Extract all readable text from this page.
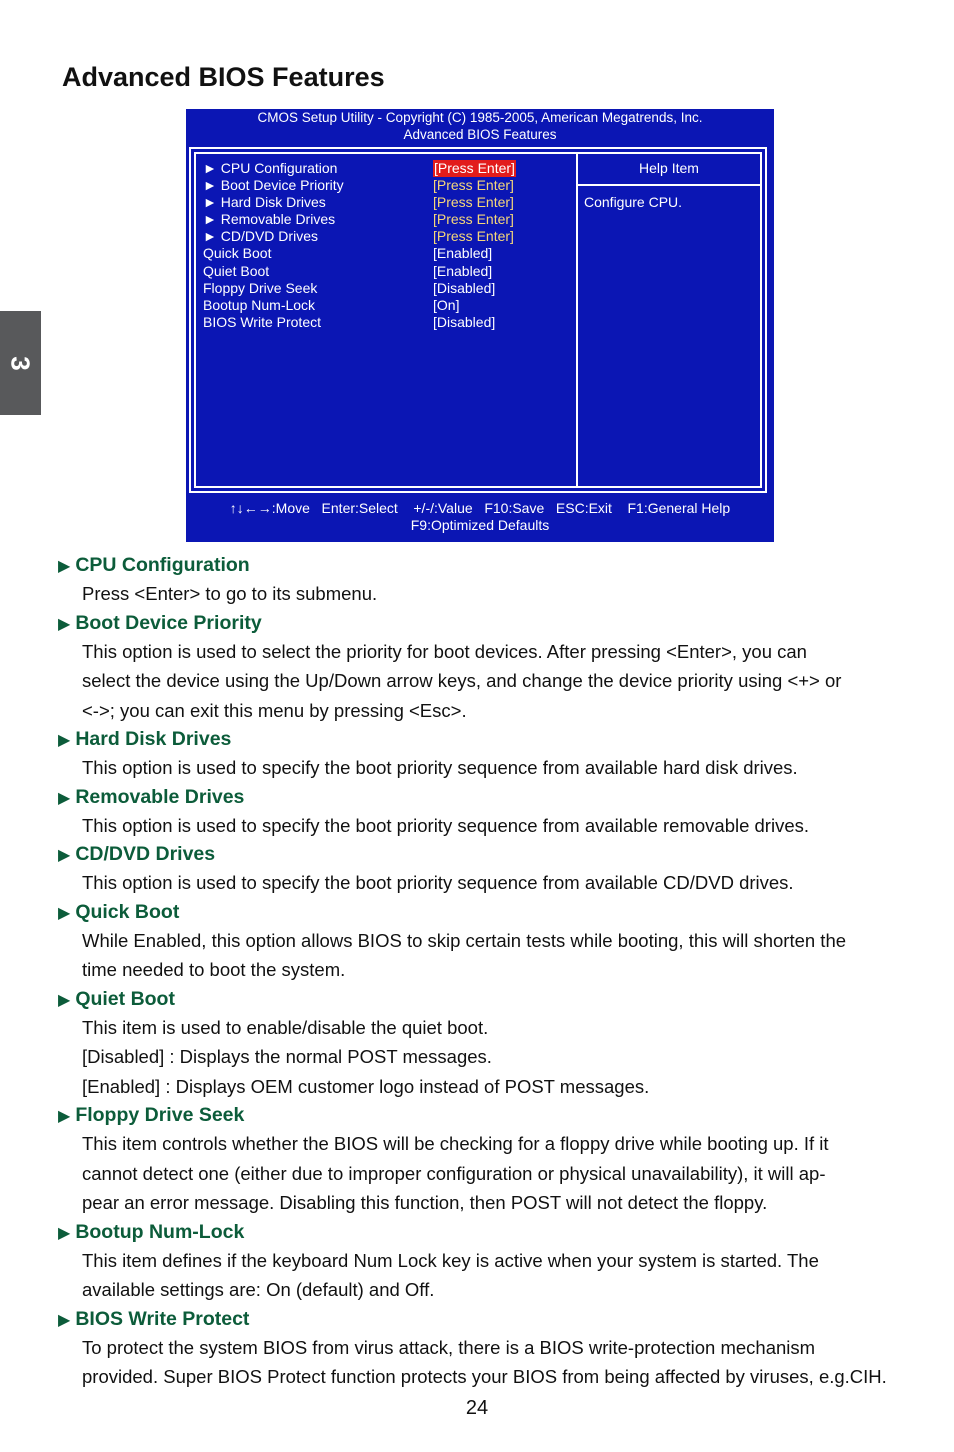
Advanced BIOS Features
3
CMOS Setup Utility - Copyright (C) 1985-2005, American Megatrends, Inc.
Advanced BIOS Features
► CPU Configuration	[Press Enter]
► Boot Device Priority	[Press Enter]
► Hard Disk Drives	[Press Enter]
► Removable Drives	[Press Enter]
► CD/DVD Drives	[Press Enter]
Quick Boot	[Enabled]
Quiet Boot	[Enabled]
Floppy Drive Seek	[Disabled]
Bootup Num-Lock	[On]
BIOS Write Protect	[Disabled]
Help Item
Configure CPU.
↑↓←→:Move   Enter:Select    +/-/:Value   F10:Save   ESC:Exit    F1:General Help
F9:Optimized Defaults
▶ CPU Configuration

Press <Enter> to go to its submenu.

▶ Boot Device Priority

This option is used to select the priority for boot devices. After pressing <Enter>, you can

select the device using the Up/Down arrow keys, and change the device priority using <+> or

<->; you can exit this menu by pressing <Esc>.

▶ Hard Disk Drives

This option is used to specify the boot priority sequence from available hard disk drives.

▶ Removable Drives

This option is used to specify the boot priority sequence from available removable drives.

▶ CD/DVD Drives

This option is used to specify the boot priority sequence from available CD/DVD drives.

▶ Quick Boot

While Enabled, this option allows BIOS to skip certain tests while booting, this will shorten the

time needed to boot the system.

▶ Quiet Boot

This item is used to enable/disable the quiet boot.

[Disabled] : Displays the normal POST messages.

[Enabled] : Displays OEM customer logo instead of POST messages.

▶ Floppy Drive Seek

This item controls whether the BIOS will be checking for a floppy drive while booting up. If it

cannot detect one (either due to improper configuration or physical unavailability), it will ap-

pear an error message. Disabling this function, then POST will not detect the floppy.

▶ Bootup Num-Lock

This item defines if the keyboard Num Lock key is active when your system is started. The

available settings are: On (default) and Off.

▶ BIOS Write Protect

To protect the system BIOS from virus attack, there is a BIOS write-protection mechanism

provided. Super BIOS Protect function protects your BIOS from being affected by viruses, e.g.CIH.

24
